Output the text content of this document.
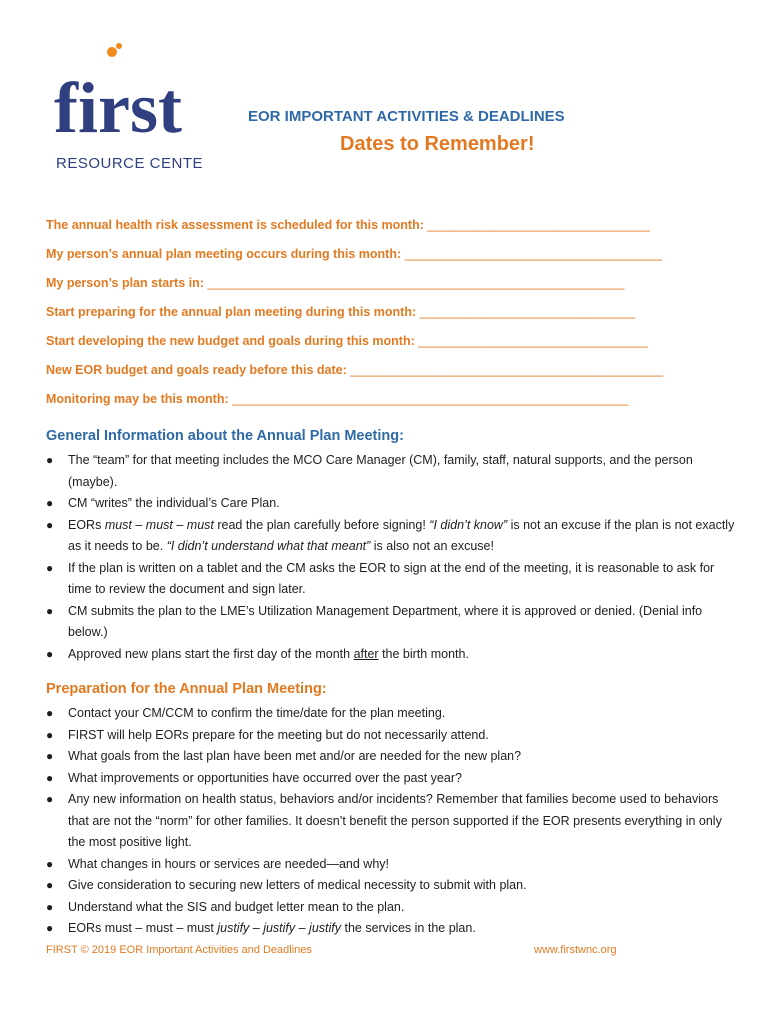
first
RESOURCE CENTER
EOR IMPORTANT ACTIVITIES & DEADLINES
Dates to Remember!
The annual health risk assessment is scheduled for this month: ________________________________
My person’s annual plan meeting occurs during this month: _____________________________________
My person’s plan starts in: ____________________________________________________________
Start preparing for the annual plan meeting during this month: _______________________________
Start developing the new budget and goals during this month: _________________________________
New EOR budget and goals ready before this date: _____________________________________________
Monitoring may be this month: _________________________________________________________
General Information about the Annual Plan Meeting:
● The “team” for that meeting includes the MCO Care Manager (CM), family, staff, natural supports, and the person (maybe).
● CM “writes” the individual’s Care Plan.
● EORs must – must – must read the plan carefully before signing! “I didn’t know” is not an excuse if the plan is not exactly as it needs to be. “I didn’t understand what that meant” is also not an excuse!
● If the plan is written on a tablet and the CM asks the EOR to sign at the end of the meeting, it is reasonable to ask for time to review the document and sign later.
● CM submits the plan to the LME’s Utilization Management Department, where it is approved or denied. (Denial info below.)
● Approved new plans start the first day of the month after the birth month.
Preparation for the Annual Plan Meeting:
● Contact your CM/CCM to confirm the time/date for the plan meeting.
● FIRST will help EORs prepare for the meeting but do not necessarily attend.
● What goals from the last plan have been met and/or are needed for the new plan?
● What improvements or opportunities have occurred over the past year?
● Any new information on health status, behaviors and/or incidents? Remember that families become used to behaviors that are not the “norm” for other families. It doesn’t benefit the person supported if the EOR presents everything in only the most positive light.
● What changes in hours or services are needed—and why!
● Give consideration to securing new letters of medical necessity to submit with plan.
● Understand what the SIS and budget letter mean to the plan.
● EORs must – must – must justify – justify – justify the services in the plan.
FIRST © 2019 EOR Important Activities and Deadlines	www.firstwnc.org
